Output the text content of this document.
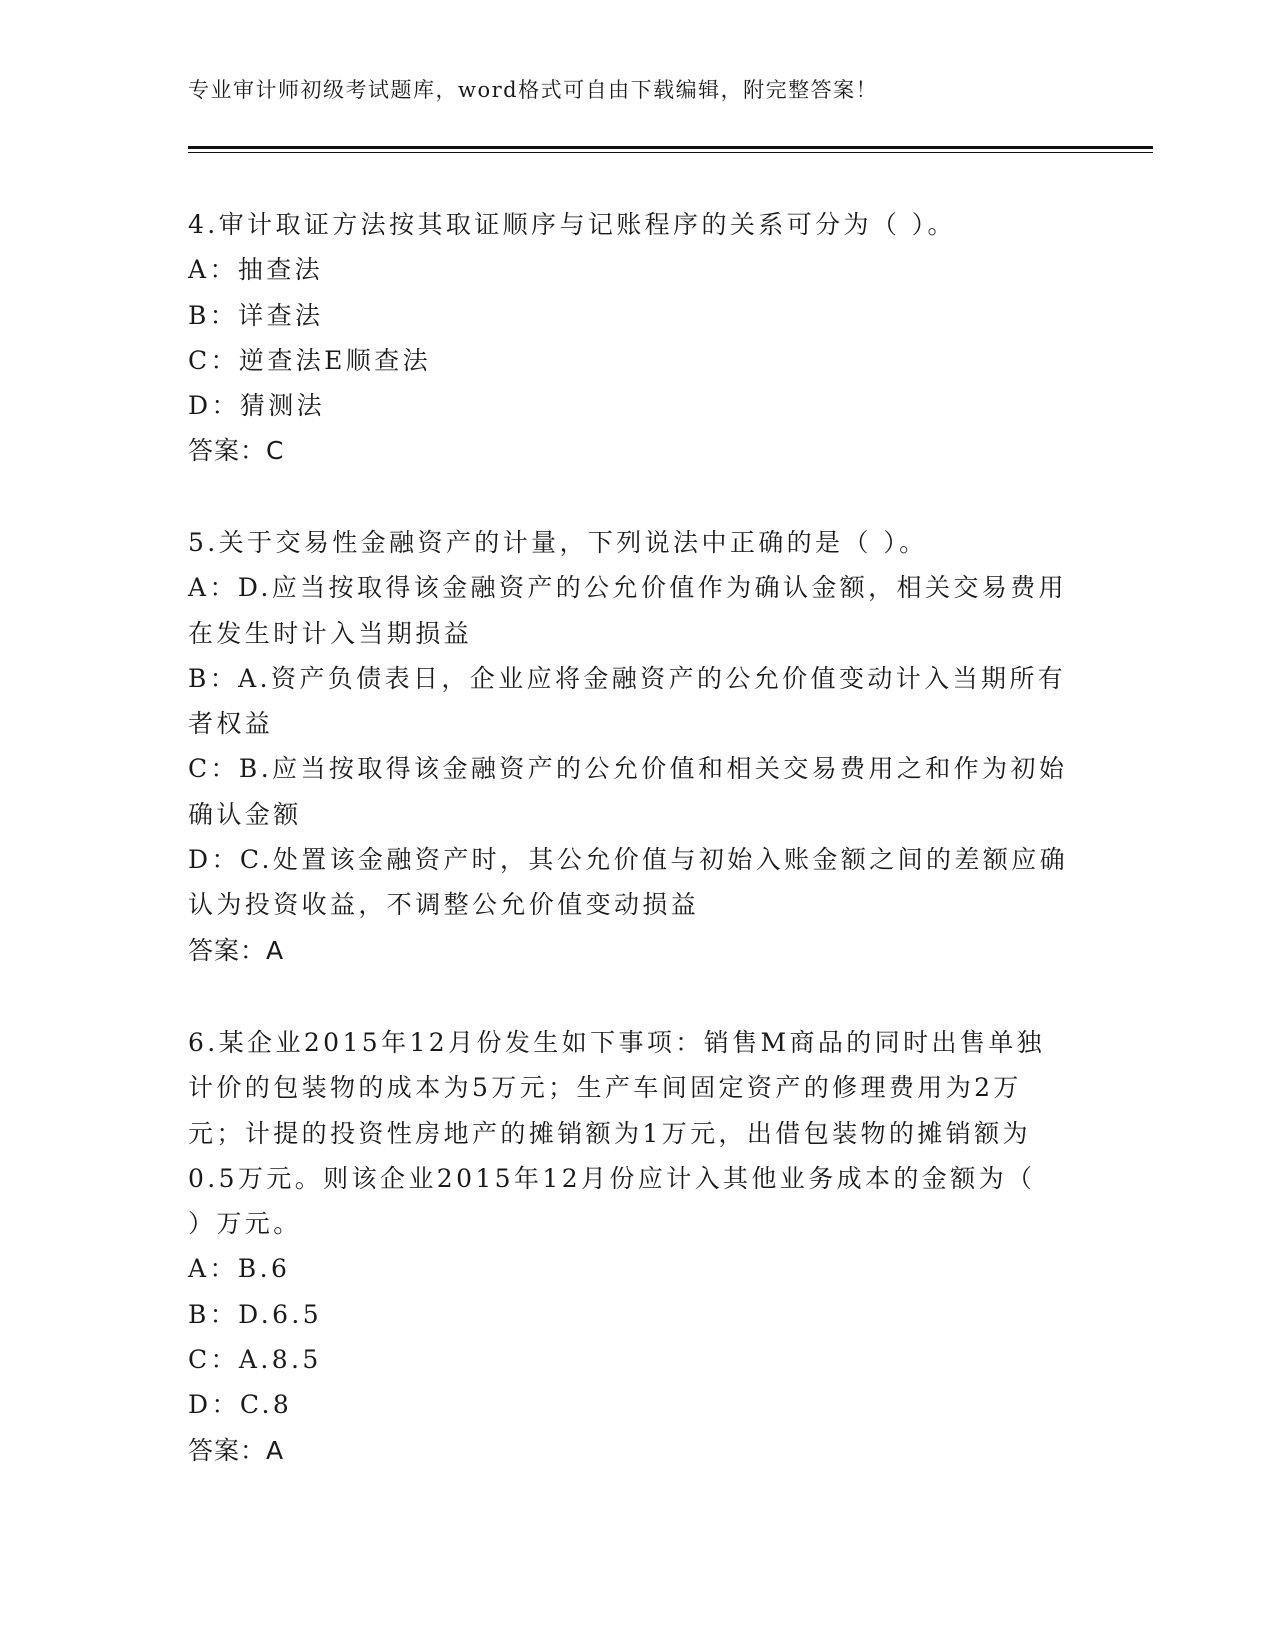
专业审计师初级考试题库，word格式可自由下载编辑，附完整答案！
4.审计取证方法按其取证顺序与记账程序的关系可分为（ ）。
A：抽查法
B：详查法
C：逆查法E顺查法
D：猜测法
答案：C
5.关于交易性金融资产的计量，下列说法中正确的是（ ）。
A：D.应当按取得该金融资产的公允价值作为确认金额，相关交易费用
在发生时计入当期损益
B：A.资产负债表日，企业应将金融资产的公允价值变动计入当期所有
者权益
C：B.应当按取得该金融资产的公允价值和相关交易费用之和作为初始
确认金额
D：C.处置该金融资产时，其公允价值与初始入账金额之间的差额应确
认为投资收益，不调整公允价值变动损益
答案：A
6.某企业2015年12月份发生如下事项：销售M商品的同时出售单独
计价的包装物的成本为5万元；生产车间固定资产的修理费用为2万
元；计提的投资性房地产的摊销额为1万元，出借包装物的摊销额为
0.5万元。则该企业2015年12月份应计入其他业务成本的金额为（
）万元。
A：B.6
B：D.6.5
C：A.8.5
D：C.8
答案：A
